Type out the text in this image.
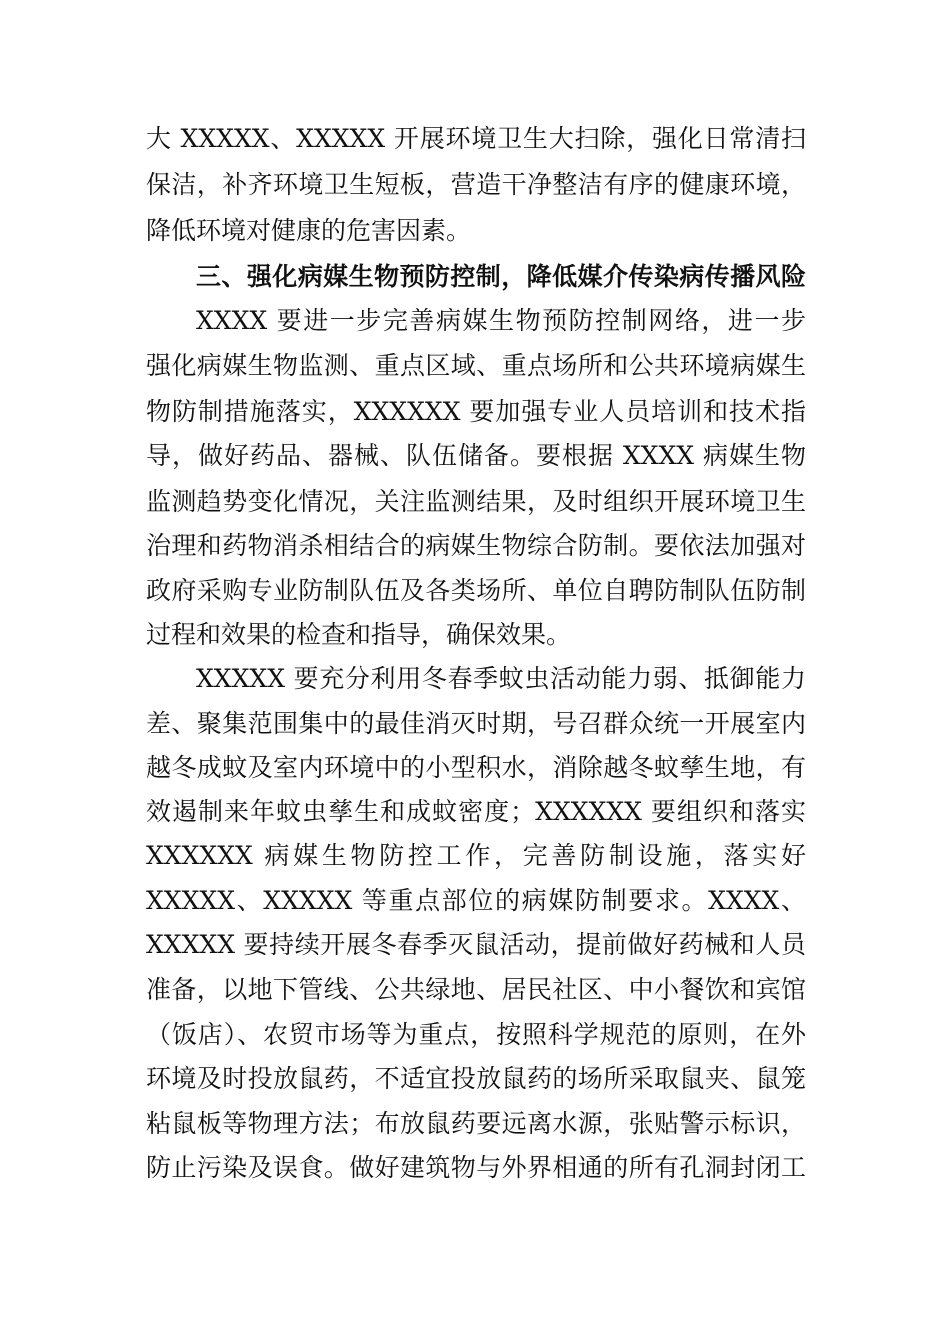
大 XXXXX、XXXXX 开展环境卫生大扫除，强化日常清扫
保洁，补齐环境卫生短板，营造干净整洁有序的健康环境，
降低环境对健康的危害因素。
三、强化病媒生物预防控制，降低媒介传染病传播风险
XXXX 要进一步完善病媒生物预防控制网络，进一步
强化病媒生物监测、重点区域、重点场所和公共环境病媒生
物防制措施落实，XXXXXX 要加强专业人员培训和技术指
导，做好药品、器械、队伍储备。要根据 XXXX 病媒生物
监测趋势变化情况，关注监测结果，及时组织开展环境卫生
治理和药物消杀相结合的病媒生物综合防制。要依法加强对
政府采购专业防制队伍及各类场所、单位自聘防制队伍防制
过程和效果的检查和指导，确保效果。
XXXXX 要充分利用冬春季蚊虫活动能力弱、抵御能力
差、聚集范围集中的最佳消灭时期，号召群众统一开展室内
越冬成蚊及室内环境中的小型积水，消除越冬蚊孳生地，有
效遏制来年蚊虫孳生和成蚊密度；XXXXXX 要组织和落实
XXXXXX 病媒生物防控工作，完善防制设施，落实好
XXXXX、XXXXX 等重点部位的病媒防制要求。XXXX、
XXXXX 要持续开展冬春季灭鼠活动，提前做好药械和人员
准备，以地下管线、公共绿地、居民社区、中小餐饮和宾馆
（饭店）、农贸市场等为重点，按照科学规范的原则，在外
环境及时投放鼠药，不适宜投放鼠药的场所采取鼠夹、鼠笼
粘鼠板等物理方法；布放鼠药要远离水源，张贴警示标识，
防止污染及误食。做好建筑物与外界相通的所有孔洞封闭工
